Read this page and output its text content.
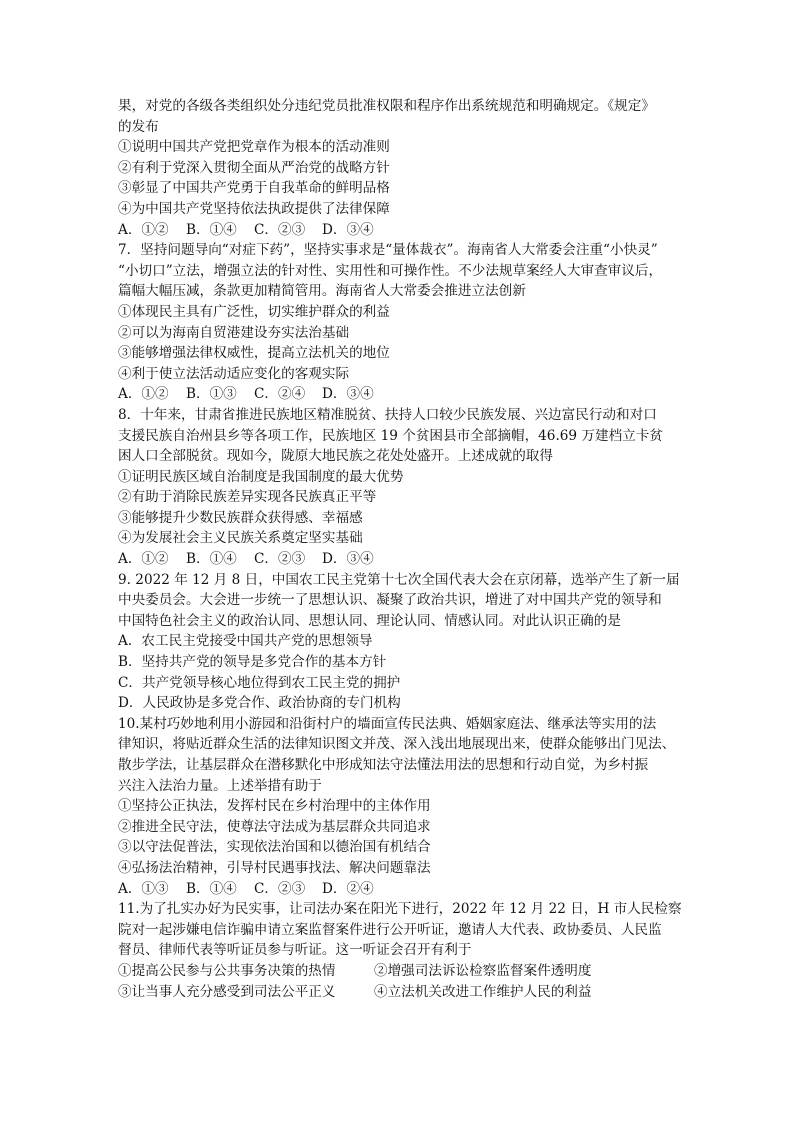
果，对党的各级各类组织处分违纪党员批准权限和程序作出系统规范和明确规定。《规定》
的发布
①说明中国共产党把党章作为根本的活动准则
②有利于党深入贯彻全面从严治党的战略方针
③彰显了中国共产党勇于自我革命的鲜明品格
④为中国共产党坚持依法执政提供了法律保障
A．①②	B．①④	C．②③	D．③④
7．坚持问题导向“对症下药”，坚持实事求是“量体裁衣”。海南省人大常委会注重“小快灵”
“小切口”立法，增强立法的针对性、实用性和可操作性。不少法规草案经人大审查审议后，
篇幅大幅压减，条款更加精简管用。海南省人大常委会推进立法创新
①体现民主具有广泛性，切实维护群众的利益
②可以为海南自贸港建设夯实法治基础
③能够增强法律权威性，提高立法机关的地位
④利于使立法活动适应变化的客观实际
A．①②	B．①③	C．②④	D．③④
8．十年来，甘肃省推进民族地区精准脱贫、扶持人口较少民族发展、兴边富民行动和对口
支援民族自治州县乡等各项工作，民族地区 19 个贫困县市全部摘帽，46.69 万建档立卡贫
困人口全部脱贫。现如今，陇原大地民族之花处处盛开。上述成就的取得
①证明民族区域自治制度是我国制度的最大优势
②有助于消除民族差异实现各民族真正平等
③能够提升少数民族群众获得感、幸福感
④为发展社会主义民族关系奠定坚实基础
A．①②	B．①④	C．②③	D．③④
9. 2022 年 12 月 8 日，中国农工民主党第十七次全国代表大会在京闭幕，选举产生了新一届
中央委员会。大会进一步统一了思想认识、凝聚了政治共识，增进了对中国共产党的领导和
中国特色社会主义的政治认同、思想认同、理论认同、情感认同。对此认识正确的是
A．农工民主党接受中国共产党的思想领导
B．坚持共产党的领导是多党合作的基本方针
C．共产党领导核心地位得到农工民主党的拥护
D．人民政协是多党合作、政治协商的专门机构
10.某村巧妙地利用小游园和沿街村户的墙面宣传民法典、婚姻家庭法、继承法等实用的法
律知识，将贴近群众生活的法律知识图文并茂、深入浅出地展现出来，使群众能够出门见法、
散步学法，让基层群众在潜移默化中形成知法守法懂法用法的思想和行动自觉，为乡村振
兴注入法治力量。上述举措有助于
①坚持公正执法，发挥村民在乡村治理中的主体作用
②推进全民守法，使尊法守法成为基层群众共同追求
③以守法促普法，实现依法治国和以德治国有机结合
④弘扬法治精神，引导村民遇事找法、解决问题靠法
A．①③	B．①④	C．②③	D．②④
11.为了扎实办好为民实事，让司法办案在阳光下进行，2022 年 12 月 22 日，H 市人民检察
院对一起涉嫌电信诈骗申请立案监督案件进行公开听证，邀请人大代表、政协委员、人民监
督员、律师代表等听证员参与听证。这一听证会召开有利于
①提高公民参与公共事务决策的热情	②增强司法诉讼检察监督案件透明度
③让当事人充分感受到司法公平正义	④立法机关改进工作维护人民的利益
